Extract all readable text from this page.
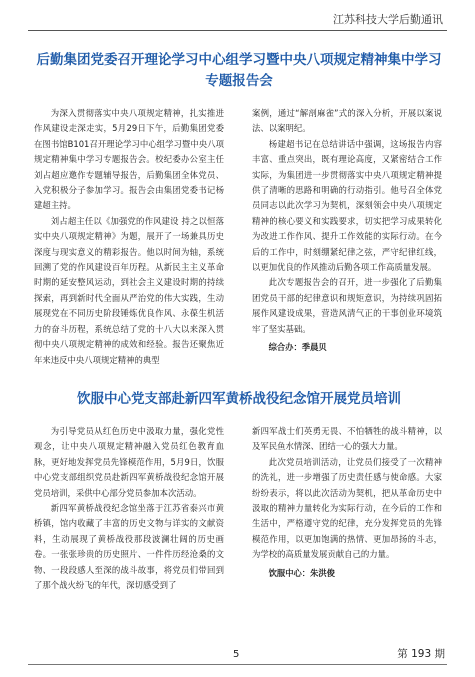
江苏科技大学后勤通讯
后勤集团党委召开理论学习中心组学习暨中央八项规定精神集中学习专题报告会

为深入贯彻落实中央八项规定精神，扎实推进作风建设走深走实，5月29日下午，后勤集团党委在图书馆B101召开理论学习中心组学习暨中央八项规定精神集中学习专题报告会。校纪委办公室主任刘占超应邀作专题辅导报告，后勤集团全体党员、入党积极分子参加学习。报告会由集团党委书记杨建超主持。

刘占超主任以《加强党的作风建设 持之以恒落实中央八项规定精神》为题，展开了一场兼具历史深度与现实意义的精彩报告。他以时间为轴，系统回溯了党的作风建设百年历程。从新民主主义革命时期的延安整风运动，到社会主义建设时期的持续探索，再到新时代全面从严治党的伟大实践，生动展现党在不同历史阶段锤炼优良作风、永葆生机活力的奋斗历程，系统总结了党的十八大以来深入贯彻中央八项规定精神的成效和经验。报告还聚焦近年来违反中央八项规定精神的典型

案例，通过“解剖麻雀”式的深入分析，开展以案说法、以案明纪。

杨建超书记在总结讲话中强调，这场报告内容丰富、重点突出，既有理论高度，又紧密结合工作实际，为集团进一步贯彻落实中央八项规定精神提供了清晰的思路和明确的行动指引。他号召全体党员同志以此次学习为契机，深刻领会中央八项规定精神的核心要义和实践要求，切实把学习成果转化为改进工作作风、提升工作效能的实际行动。在今后的工作中，时刻绷紧纪律之弦，严守纪律红线，以更加优良的作风推动后勤各项工作高质量发展。

此次专题报告会的召开，进一步强化了后勤集团党员干部的纪律意识和规矩意识，为持续巩固拓展作风建设成果，营造风清气正的干事创业环境筑牢了坚实基础。

综合办：季晨贝

饮服中心党支部赴新四军黄桥战役纪念馆开展党员培训

为引导党员从红色历史中汲取力量，强化党性观念，让中央八项规定精神融入党员红色教育血脉，更好地发挥党员先锋模范作用，5月9日，饮服中心党支部组织党员赴新四军黄桥战役纪念馆开展党员培训，采供中心部分党员参加本次活动。

新四军黄桥战役纪念馆坐落于江苏省泰兴市黄桥镇，馆内收藏了丰富的历史文物与详实的文献资料，生动展现了黄桥战役那段波澜壮阔的历史画卷。一张张珍贵的历史照片、一件件历经沧桑的文物、一段段感人至深的战斗故事，将党员们带回到了那个战火纷飞的年代，深切感受到了

新四军战士们英勇无畏、不怕牺牲的战斗精神，以及军民鱼水情深、团结一心的强大力量。

此次党员培训活动，让党员们接受了一次精神的洗礼，进一步增强了历史责任感与使命感。大家纷纷表示，将以此次活动为契机，把从革命历史中汲取的精神力量转化为实际行动，在今后的工作和生活中，严格遵守党的纪律，充分发挥党员的先锋模范作用，以更加饱满的热情、更加昂扬的斗志，为学校的高质量发展贡献自己的力量。

饮服中心：朱洪俊

5	第 193 期
